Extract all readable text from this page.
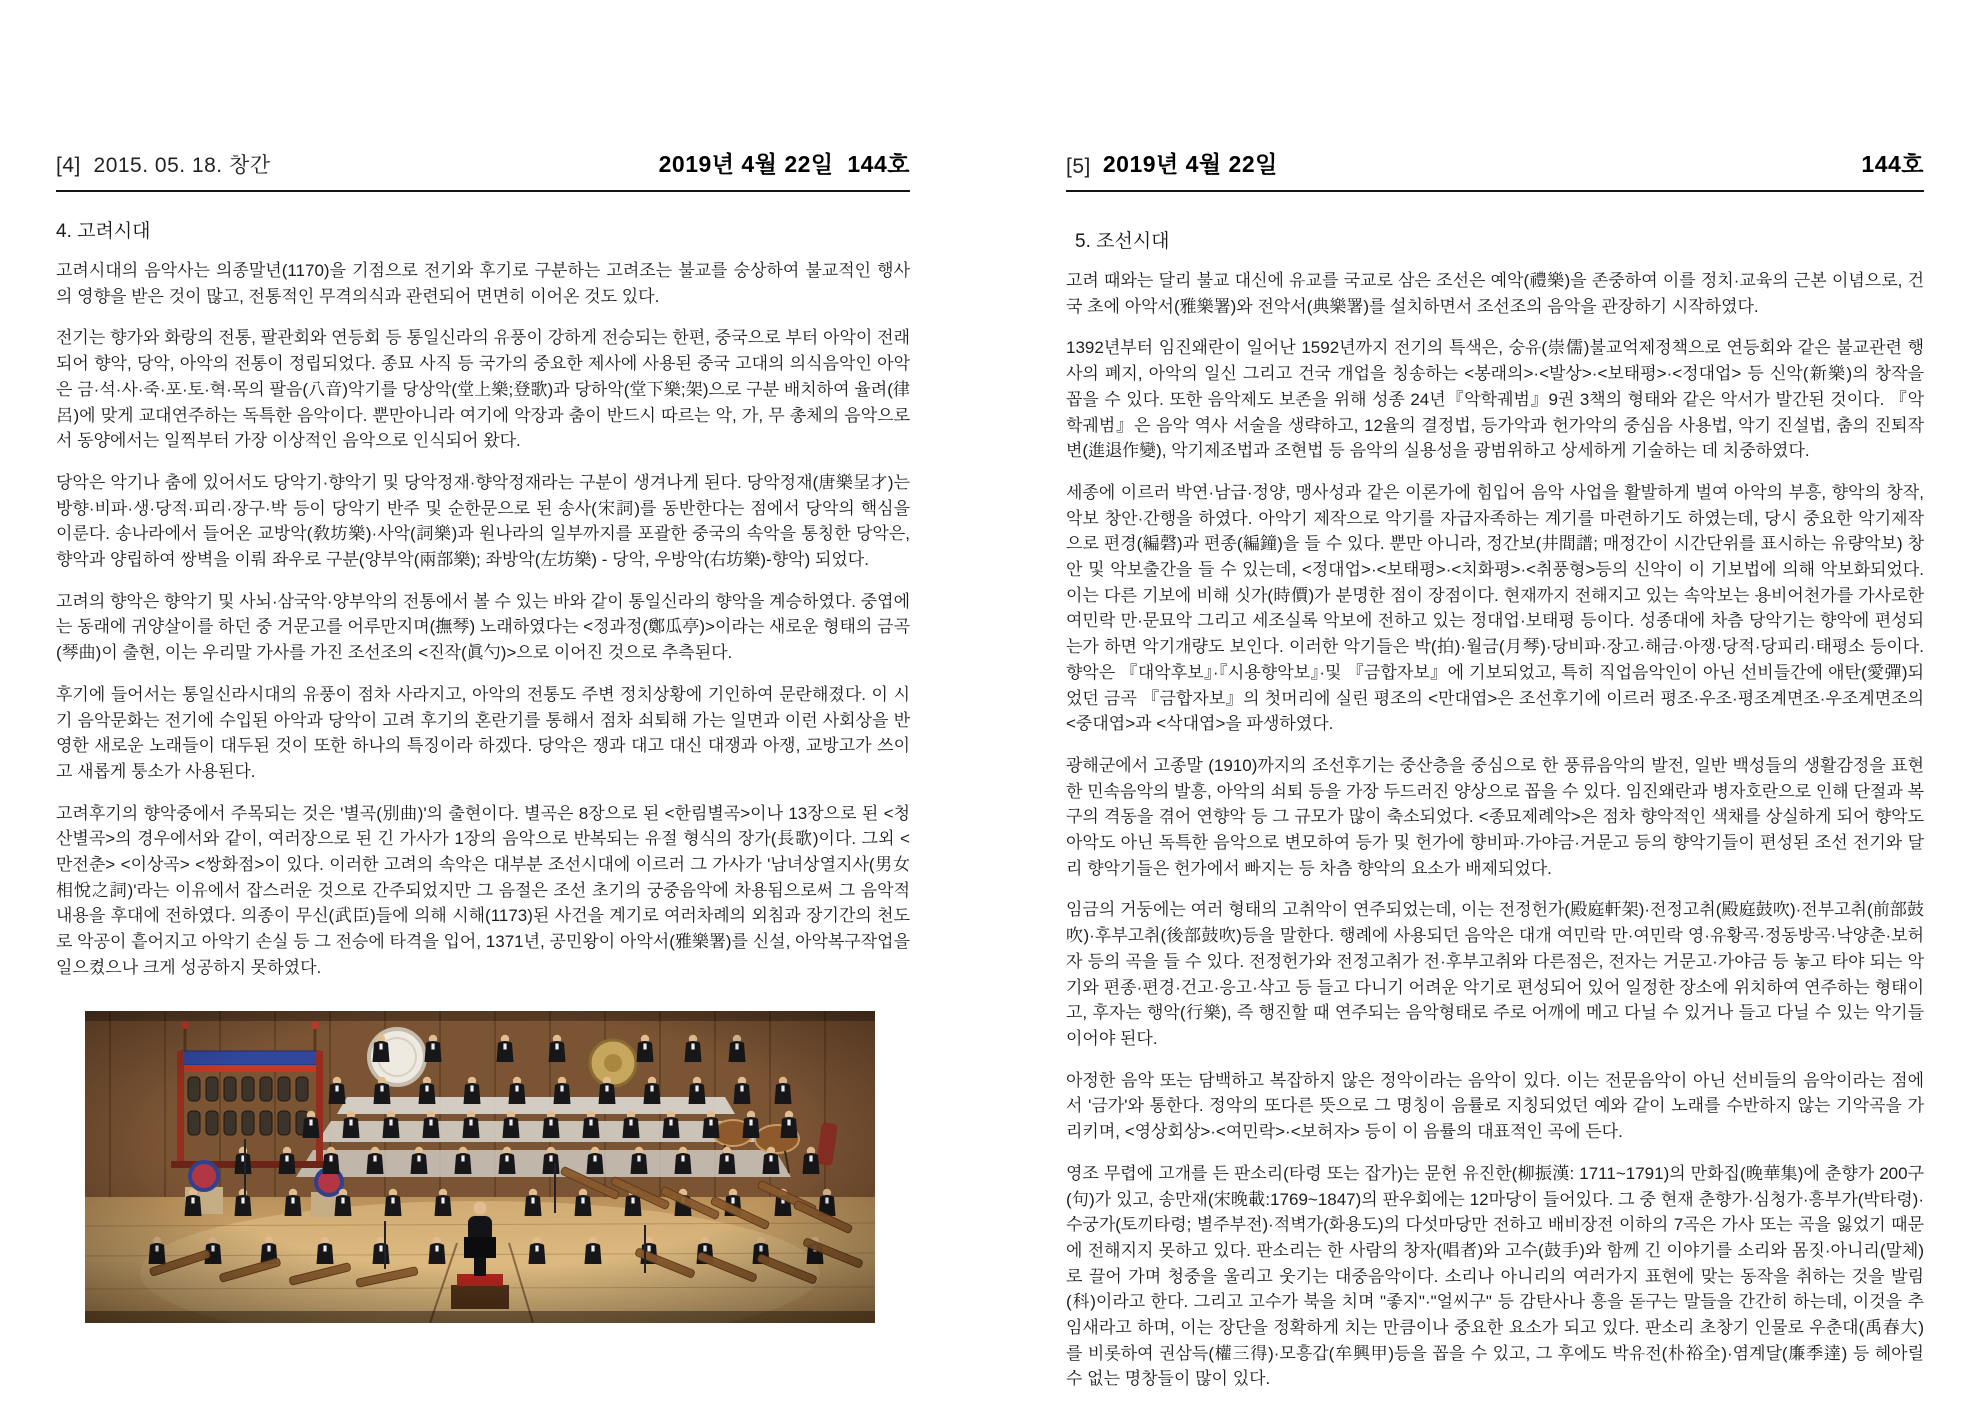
[4]  2015. 05. 18. 창간	2019년 4월 22일  144호
4. 고려시대

고려시대의 음악사는 의종말년(1170)을 기점으로 전기와 후기로 구분하는 고려조는 불교를 숭상하여 불교적인 행사의 영향을 받은 것이 많고, 전통적인 무격의식과 관련되어 면면히 이어온 것도 있다.

전기는 향가와 화랑의 전통, 팔관회와 연등회 등 통일신라의 유풍이 강하게 전승되는 한편, 중국으로 부터 아악이 전래되어 향악, 당악, 아악의 전통이 정립되었다. 종묘 사직 등 국가의 중요한 제사에 사용된 중국 고대의 의식음악인 아악은 금·석·사·죽·포·토·혁·목의 팔음(八音)악기를 당상악(堂上樂;登歌)과 당하악(堂下樂;架)으로 구분 배치하여 율려(律呂)에 맞게 교대연주하는 독특한 음악이다. 뿐만아니라 여기에 악장과 춤이 반드시 따르는 악, 가, 무 총체의 음악으로서 동양에서는 일찍부터 가장 이상적인 음악으로 인식되어 왔다.

당악은 악기나 춤에 있어서도 당악기·향악기 및 당악정재·향악정재라는 구분이 생겨나게 된다. 당악정재(唐樂呈才)는 방향·비파·생·당적·피리·장구·박 등이 당악기 반주 및 순한문으로 된 송사(宋詞)를 동반한다는 점에서 당악의 핵심을 이룬다. 송나라에서 들어온 교방악(敎坊樂)·사악(詞樂)과 원나라의 일부까지를 포괄한 중국의 속악을 통칭한 당악은, 향악과 양립하여 쌍벽을 이뤄 좌우로 구분(양부악(兩部樂); 좌방악(左坊樂) - 당악, 우방악(右坊樂)-향악) 되었다.

고려의 향악은 향악기 및 사뇌·삼국악·양부악의 전통에서 볼 수 있는 바와 같이 통일신라의 향악을 계승하였다. 중엽에는 동래에 귀양살이를 하던 중 거문고를 어루만지며(撫琴) 노래하였다는 <정과정(鄭瓜亭)>이라는 새로운 형태의 금곡(琴曲)이 출현, 이는 우리말 가사를 가진 조선조의 <진작(眞勺)>으로 이어진 것으로 추측된다.

후기에 들어서는 통일신라시대의 유풍이 점차 사라지고, 아악의 전통도 주변 정치상황에 기인하여 문란해졌다. 이 시기 음악문화는 전기에 수입된 아악과 당악이 고려 후기의 혼란기를 통해서 점차 쇠퇴해 가는 일면과 이런 사회상을 반영한 새로운 노래들이 대두된 것이 또한 하나의 특징이라 하겠다. 당악은 쟁과 대고 대신 대쟁과 아쟁, 교방고가 쓰이고 새롭게 퉁소가 사용된다.

고려후기의 향악중에서 주목되는 것은 '별곡(別曲)'의 출현이다. 별곡은 8장으로 된 <한림별곡>이나 13장으로 된 <청산별곡>의 경우에서와 같이, 여러장으로 된 긴 가사가 1장의 음악으로 반복되는 유절 형식의 장가(長歌)이다. 그외 <만전춘> <이상곡> <쌍화점>이 있다. 이러한 고려의 속악은 대부분 조선시대에 이르러 그 가사가 '남녀상열지사(男女相悅之詞)'라는 이유에서 잡스러운 것으로 간주되었지만 그 음절은 조선 초기의 궁중음악에 차용됨으로써 그 음악적 내용을 후대에 전하였다. 의종이 무신(武臣)들에 의해 시해(1173)된 사건을 계기로 여러차례의 외침과 장기간의 천도로 악공이 흩어지고 아악기 손실 등 그 전승에 타격을 입어, 1371년, 공민왕이 아악서(雅樂署)를 신설, 아악복구작업을 일으켰으나 크게 성공하지 못하였다.

[5] 2019년 4월 22일	144호
5. 조선시대

고려 때와는 달리 불교 대신에 유교를 국교로 삼은 조선은 예악(禮樂)을 존중하여 이를 정치·교육의 근본 이념으로, 건국 초에 아악서(雅樂署)와 전악서(典樂署)를 설치하면서 조선조의 음악을 관장하기 시작하였다.

1392년부터 임진왜란이 일어난 1592년까지 전기의 특색은, 숭유(崇儒)불교억제정책으로 연등회와 같은 불교관련 행사의 폐지, 아악의 일신 그리고 건국 개업을 칭송하는 <봉래의>·<발상>·<보태평>·<정대업> 등 신악(新樂)의 창작을 꼽을 수 있다. 또한 음악제도 보존을 위해 성종 24년『악학궤범』9권 3책의 형태와 같은 악서가 발간된 것이다. 『악학궤범』은 음악 역사 서술을 생략하고, 12율의 결정법, 등가악과 헌가악의 중심음 사용법, 악기 진설법, 춤의 진퇴작변(進退作變), 악기제조법과 조현법 등 음악의 실용성을 광범위하고 상세하게 기술하는 데 치중하였다.

세종에 이르러 박연·남급·정양, 맹사성과 같은 이론가에 힘입어 음악 사업을 활발하게 벌여 아악의 부흥, 향악의 창작, 악보 창안·간행을 하였다. 아악기 제작으로 악기를 자급자족하는 계기를 마련하기도 하였는데, 당시 중요한 악기제작으로 편경(編磬)과 편종(編鐘)을 들 수 있다. 뿐만 아니라, 정간보(井間譜; 매정간이 시간단위를 표시하는 유량악보) 창안 및 악보출간을 들 수 있는데, <정대업>·<보태평>·<치화평>·<취풍형>등의 신악이 이 기보법에 의해 악보화되었다. 이는 다른 기보에 비해 싯가(時價)가 분명한 점이 장점이다. 현재까지 전해지고 있는 속악보는 용비어천가를 가사로한 여민락 만·문묘악 그리고 세조실록 악보에 전하고 있는 정대업·보태평 등이다. 성종대에 차츰 당악기는 향악에 편성되는가 하면 악기개량도 보인다. 이러한 악기들은 박(拍)·월금(月琴)·당비파·장고·해금·아쟁·당적·당피리·태평소 등이다. 향악은 『대악후보』·『시용향악보』·및 『금합자보』에 기보되었고, 특히 직업음악인이 아닌 선비들간에 애탄(愛彈)되었던 금곡 『금합자보』의 첫머리에 실린 평조의 <만대엽>은 조선후기에 이르러 평조·우조·평조계면조·우조계면조의 <중대엽>과 <삭대엽>을 파생하였다.

광해군에서 고종말 (1910)까지의 조선후기는 중산층을 중심으로 한 풍류음악의 발전, 일반 백성들의 생활감정을 표현한 민속음악의 발흥, 아악의 쇠퇴 등을 가장 두드러진 양상으로 꼽을 수 있다. 임진왜란과 병자호란으로 인해 단절과 복구의 격동을 겪어 연향악 등 그 규모가 많이 축소되었다. <종묘제례악>은 점차 향악적인 색채를 상실하게 되어 향악도 아악도 아닌 독특한 음악으로 변모하여 등가 및 헌가에 향비파·가야금·거문고 등의 향악기들이 편성된 조선 전기와 달리 향악기들은 헌가에서 빠지는 등 차츰 향악의 요소가 배제되었다.

임금의 거둥에는 여러 형태의 고취악이 연주되었는데, 이는 전정헌가(殿庭軒架)·전정고취(殿庭鼓吹)·전부고취(前部鼓吹)·후부고취(後部鼓吹)등을 말한다. 행례에 사용되던 음악은 대개 여민락 만·여민락 영·유황곡·정동방곡·낙양춘·보허자 등의 곡을 들 수 있다. 전정헌가와 전정고취가 전·후부고취와 다른점은, 전자는 거문고·가야금 등 놓고 타야 되는 악기와 편종·편경·건고·응고·삭고 등 들고 다니기 어려운 악기로 편성되어 있어 일정한 장소에 위치하여 연주하는 형태이고, 후자는 행악(行樂), 즉 행진할 때 연주되는 음악형태로 주로 어깨에 메고 다닐 수 있거나 들고 다닐 수 있는 악기들이어야 된다.

아정한 음악 또는 담백하고 복잡하지 않은 정악이라는 음악이 있다. 이는 전문음악이 아닌 선비들의 음악이라는 점에서 '금가'와 통한다. 정악의 또다른 뜻으로 그 명칭이 음률로 지칭되었던 예와 같이 노래를 수반하지 않는 기악곡을 가리키며, <영상회상>·<여민락>·<보허자> 등이 이 음률의 대표적인 곡에 든다.

영조 무렵에 고개를 든 판소리(타령 또는 잡가)는 문헌 유진한(柳振漢: 1711~1791)의 만화집(晚華集)에 춘향가 200구(句)가 있고, 송만재(宋晚載:1769~1847)의 판우회에는 12마당이 들어있다. 그 중 현재 춘향가·심청가·흥부가(박타령)·수궁가(토끼타령; 별주부전)·적벽가(화용도)의 다섯마당만 전하고 배비장전 이하의 7곡은 가사 또는 곡을 잃었기 때문에 전해지지 못하고 있다. 판소리는 한 사람의 창자(唱者)와 고수(鼓手)와 함께 긴 이야기를 소리와 몸짓·아니리(말체)로 끌어 가며 청중을 울리고 웃기는 대중음악이다. 소리나 아니리의 여러가지 표현에 맞는 동작을 취하는 것을 발림(科)이라고 한다. 그리고 고수가 북을 치며 "좋지"·"얼씨구" 등 감탄사나 흥을 돋구는 말들을 간간히 하는데, 이것을 추임새라고 하며, 이는 장단을 정확하게 치는 만큼이나 중요한 요소가 되고 있다. 판소리 초창기 인물로 우춘대(禹春大)를 비롯하여 권삼득(權三得)·모흥갑(牟興甲)등을 꼽을 수 있고, 그 후에도 박유전(朴裕全)·염계달(廉季達) 등 헤아릴 수 없는 명창들이 많이 있다.
